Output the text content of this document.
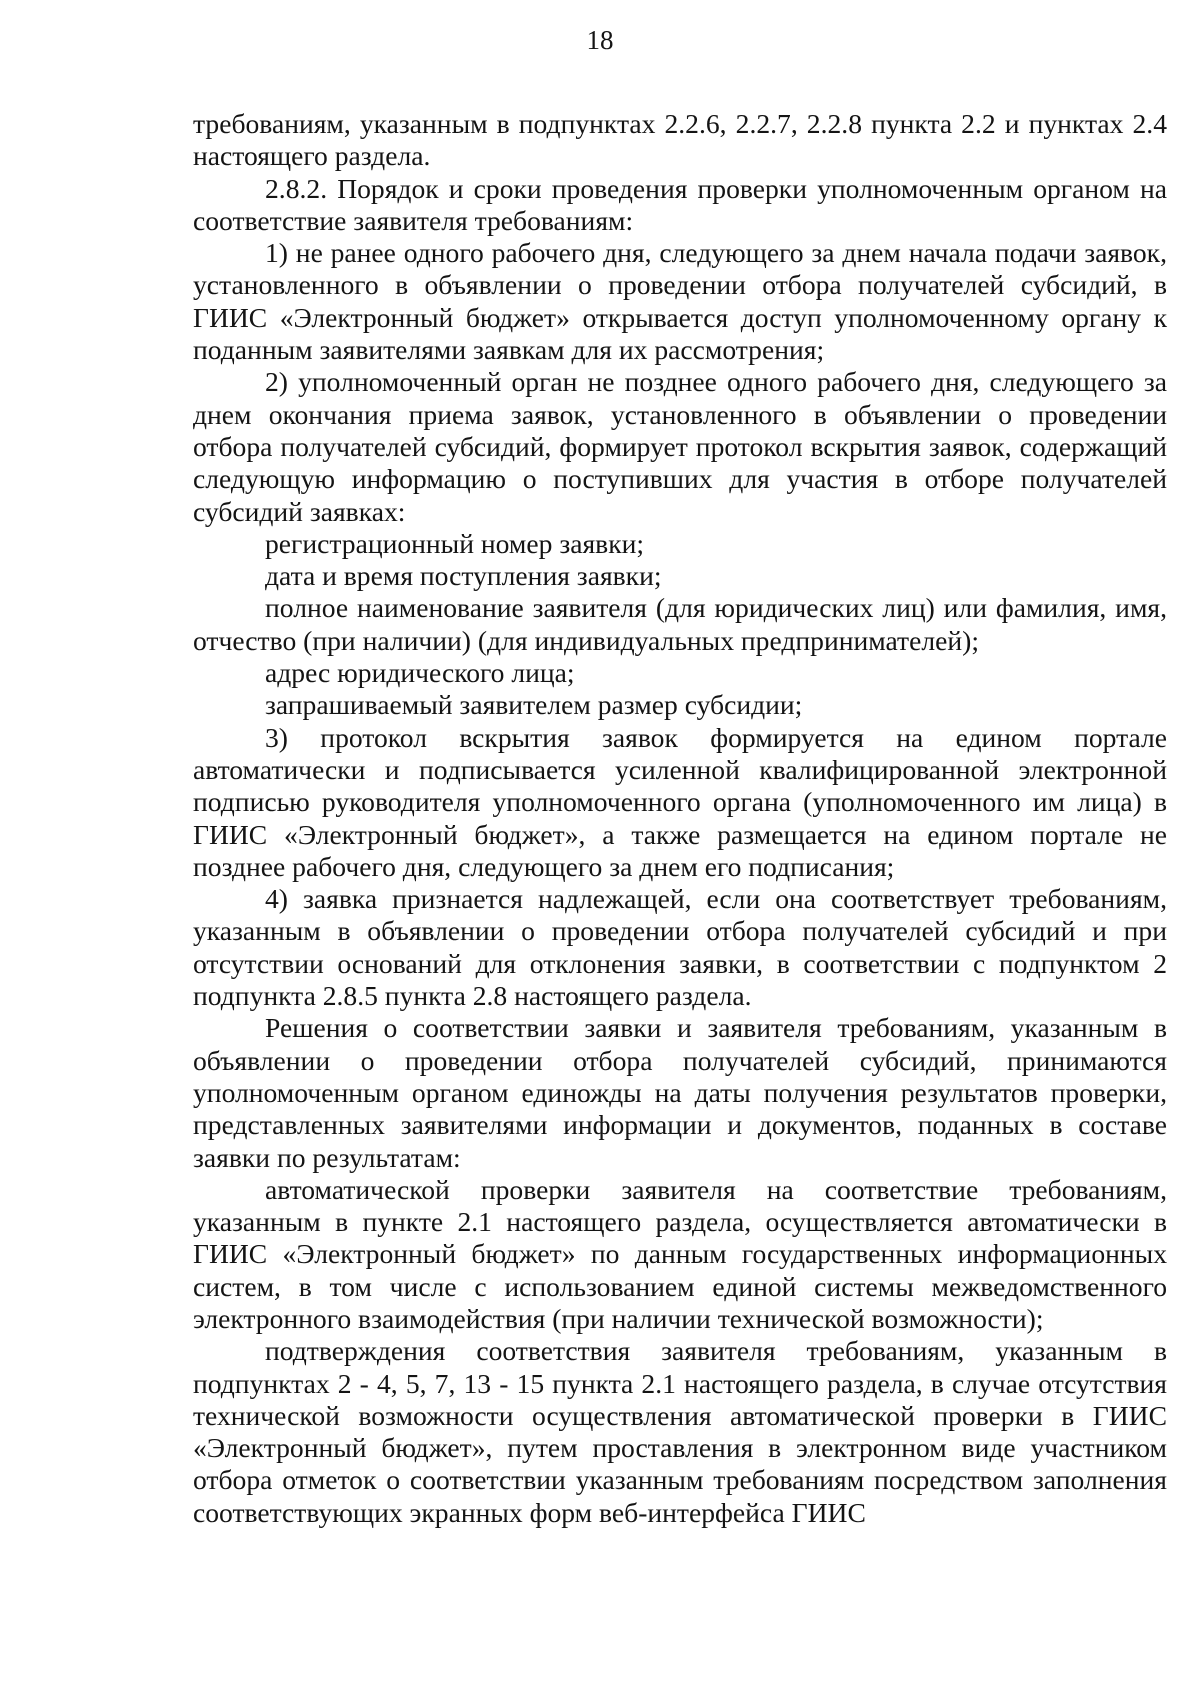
18

требованиям, указанным в подпунктах 2.2.6, 2.2.7, 2.2.8 пункта 2.2 и пунктах 2.4 настоящего раздела.

2.8.2. Порядок и сроки проведения проверки уполномоченным органом на соответствие заявителя требованиям:

1) не ранее одного рабочего дня, следующего за днем начала подачи заявок, установленного в объявлении о проведении отбора получателей субсидий, в ГИИС «Электронный бюджет» открывается доступ уполномоченному органу к поданным заявителями заявкам для их рассмотрения;

2) уполномоченный орган не позднее одного рабочего дня, следующего за днем окончания приема заявок, установленного в объявлении о проведении отбора получателей субсидий, формирует протокол вскрытия заявок, содержащий следующую информацию о поступивших для участия в отборе получателей субсидий заявках:

регистрационный номер заявки;

дата и время поступления заявки;

полное наименование заявителя (для юридических лиц) или фамилия, имя, отчество (при наличии) (для индивидуальных предпринимателей);

адрес юридического лица;

запрашиваемый заявителем размер субсидии;

3) протокол вскрытия заявок формируется на едином портале автоматически и подписывается усиленной квалифицированной электронной подписью руководителя уполномоченного органа (уполномоченного им лица) в ГИИС «Электронный бюджет», а также размещается на едином портале не позднее рабочего дня, следующего за днем его подписания;

4) заявка признается надлежащей, если она соответствует требованиям, указанным в объявлении о проведении отбора получателей субсидий и при отсутствии оснований для отклонения заявки, в соответствии с подпунктом 2 подпункта 2.8.5 пункта 2.8 настоящего раздела.

Решения о соответствии заявки и заявителя требованиям, указанным в объявлении о проведении отбора получателей субсидий, принимаются уполномоченным органом единожды на даты получения результатов проверки, представленных заявителями информации и документов, поданных в составе заявки по результатам:

автоматической проверки заявителя на соответствие требованиям, указанным в пункте 2.1 настоящего раздела, осуществляется автоматически в ГИИС «Электронный бюджет» по данным государственных информационных систем, в том числе с использованием единой системы межведомственного электронного взаимодействия (при наличии технической возможности);

подтверждения соответствия заявителя требованиям, указанным в подпунктах 2 - 4, 5, 7, 13 - 15 пункта 2.1 настоящего раздела, в случае отсутствия технической возможности осуществления автоматической проверки в ГИИС «Электронный бюджет», путем проставления в электронном виде участником отбора отметок о соответствии указанным требованиям посредством заполнения соответствующих экранных форм веб-интерфейса ГИИС
